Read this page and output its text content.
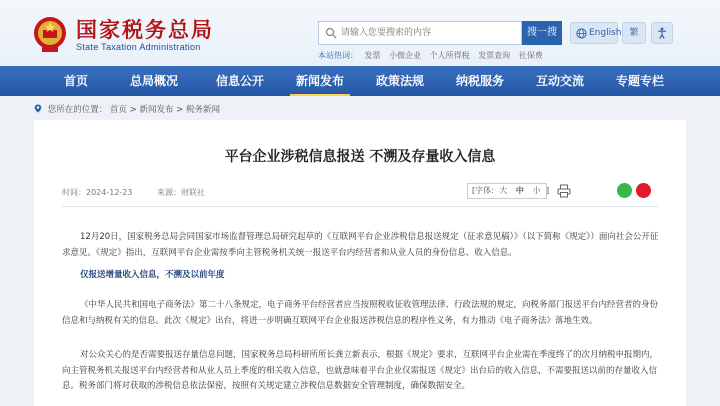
国家税务总局
State Taxation Administration
请输入您要搜索的内容
搜一搜
本站热词： 发票 小微企业 个人所得税 发票查询 社保费
English 繁
首页	总局概况	信息公开	新闻发布	政策法规	纳税服务	互动交流	专题专栏
您所在的位置： 首页 > 新闻发布 > 税务新闻
平台企业涉税信息报送 不溯及存量收入信息
时间：2024-12-23	来源：财联社	[字体: 大 中 小 ]

12月20日，国家税务总局会同国家市场监督管理总局研究起草的《互联网平台企业涉税信息报送规定（征求意见稿）》（以下简称《规定》）面向社会公开征求意见。《规定》指出，互联网平台企业需按季向主管税务机关统一报送平台内经营者和从业人员的身份信息、收入信息。

仅报送增量收入信息，不溯及以前年度

《中华人民共和国电子商务法》第二十八条规定，电子商务平台经营者应当按照税收征收管理法律、行政法规的规定，向税务部门报送平台内经营者的身份信息和与纳税有关的信息。此次《规定》出台，将进一步明确互联网平台企业报送涉税信息的程序性义务，有力推动《电子商务法》落地生效。

对公众关心的是否需要报送存量信息问题，国家税务总局科研所所长龚立新表示，根据《规定》要求，互联网平台企业需在季度终了的次月纳税申报期内，向主管税务机关报送平台内经营者和从业人员上季度的相关收入信息，也就意味着平台企业仅需报送《规定》出台后的收入信息，不需要报送以前的存量收入信息。税务部门将对获取的涉税信息依法保密，按照有关规定建立涉税信息数据安全管理制度，确保数据安全。
